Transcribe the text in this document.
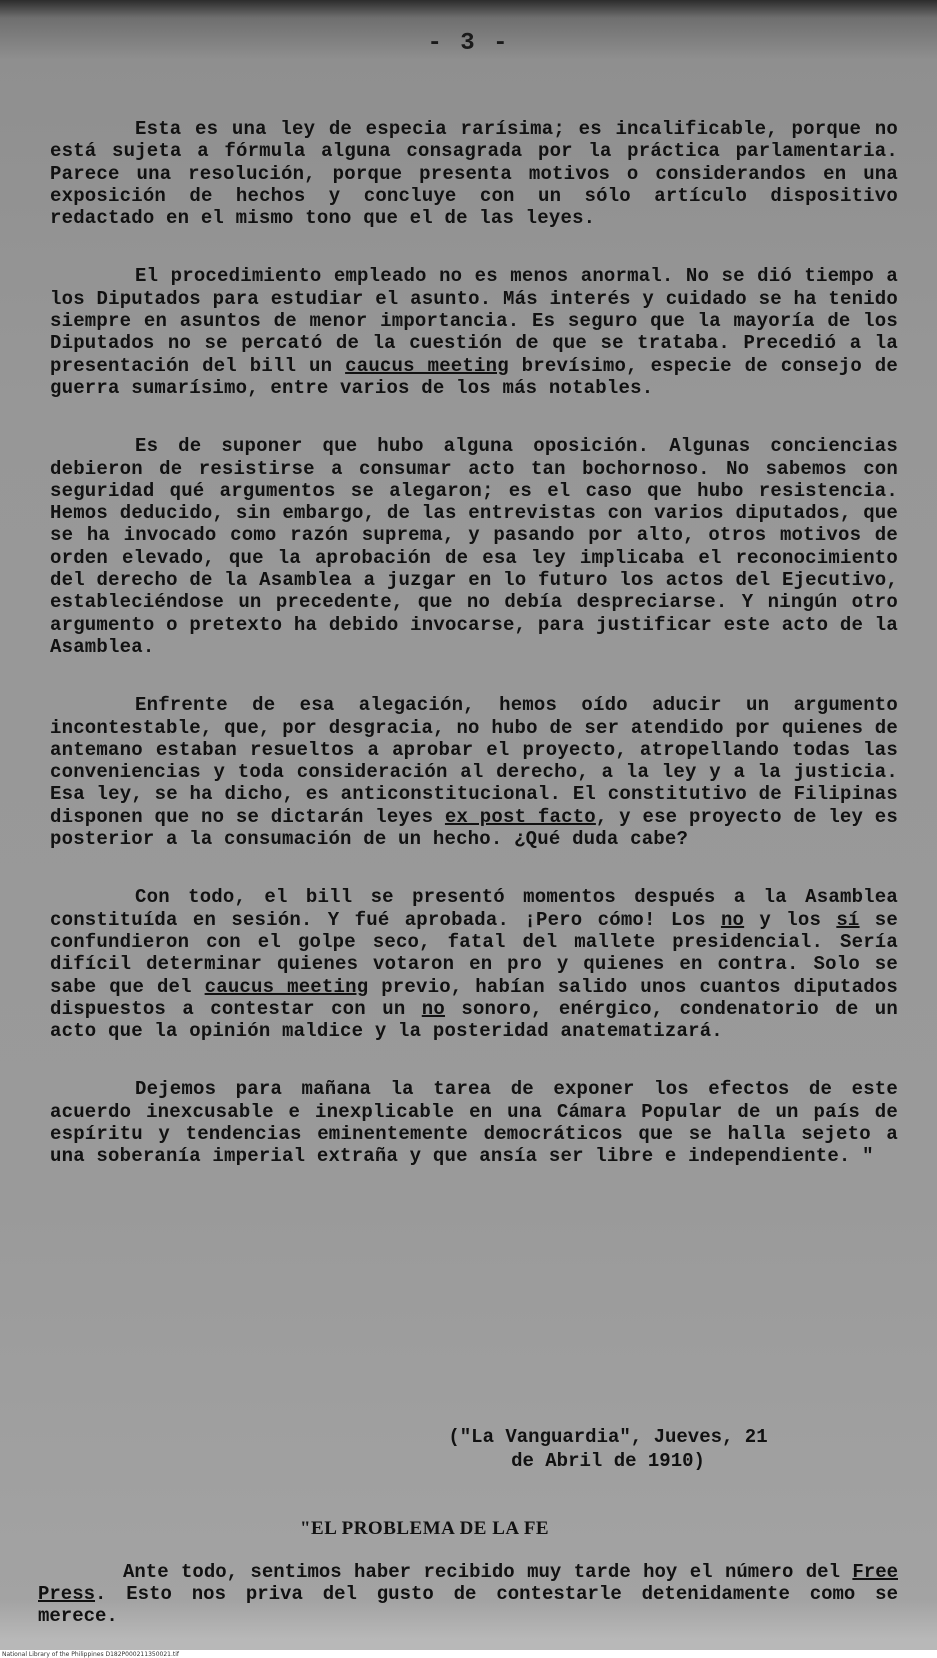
- 3 -

Esta es una ley de especia rarísima; es incalificable, porque no está sujeta a fórmula alguna consagrada por la práctica parlamentaria. Parece una resolución, porque presenta motivos o considerandos en una exposición de hechos y concluye con un sólo artículo dispositivo redactado en el mismo tono que el de las leyes.

El procedimiento empleado no es menos anormal. No se dió tiempo a los Diputados para estudiar el asunto. Más interés y cuidado se ha tenido siempre en asuntos de menor importancia. Es seguro que la mayoría de los Diputados no se percató de la cuestión de que se trataba. Precedió a la presentación del bill un caucus meeting brevísimo, especie de consejo de guerra sumarísimo, entre varios de los más notables.

Es de suponer que hubo alguna oposición. Algunas conciencias debieron de resistirse a consumar acto tan bochornoso. No sabemos con seguridad qué argumentos se alegaron; es el caso que hubo resistencia. Hemos deducido, sin embargo, de las entrevistas con varios diputados, que se ha invocado como razón suprema, y pasando por alto, otros motivos de orden elevado, que la aprobación de esa ley implicaba el reconocimiento del derecho de la Asamblea a juzgar en lo futuro los actos del Ejecutivo, estableciéndose un precedente, que no debía despreciarse. Y ningún otro argumento o pretexto ha debido invocarse, para justificar este acto de la Asamblea.

Enfrente de esa alegación, hemos oído aducir un argumento incontestable, que, por desgracia, no hubo de ser atendido por quienes de antemano estaban resueltos a aprobar el proyecto, atropellando todas las conveniencias y toda consideración al derecho, a la ley y a la justicia. Esa ley, se ha dicho, es anticonstitucional. El constitutivo de Filipinas disponen que no se dictarán leyes ex post facto, y ese proyecto de ley es posterior a la consumación de un hecho. ¿Qué duda cabe?

Con todo, el bill se presentó momentos después a la Asamblea constituída en sesión. Y fué aprobada. ¡Pero cómo! Los no y los sí se confundieron con el golpe seco, fatal del mallete presidencial. Sería difícil determinar quienes votaron en pro y quienes en contra. Solo se sabe que del caucus meeting previo, habían salido unos cuantos diputados dispuestos a contestar con un no sonoro, enérgico, condenatorio de un acto que la opinión maldice y la posteridad anatematizará.

Dejemos para mañana la tarea de exponer los efectos de este acuerdo inexcusable e inexplicable en una Cámara Popular de un país de espíritu y tendencias eminentemente democráticos que se halla sejeto a una soberanía imperial extraña y que ansía ser libre e independiente. "

("La Vanguardia", Jueves, 21
de Abril de 1910)
"EL PROBLEMA DE LA FE

Ante todo, sentimos haber recibido muy tarde hoy el número del Free Press. Esto nos priva del gusto de contestarle detenidamente como se merece.

National Library of the Philippines D182P000211350021.tif
